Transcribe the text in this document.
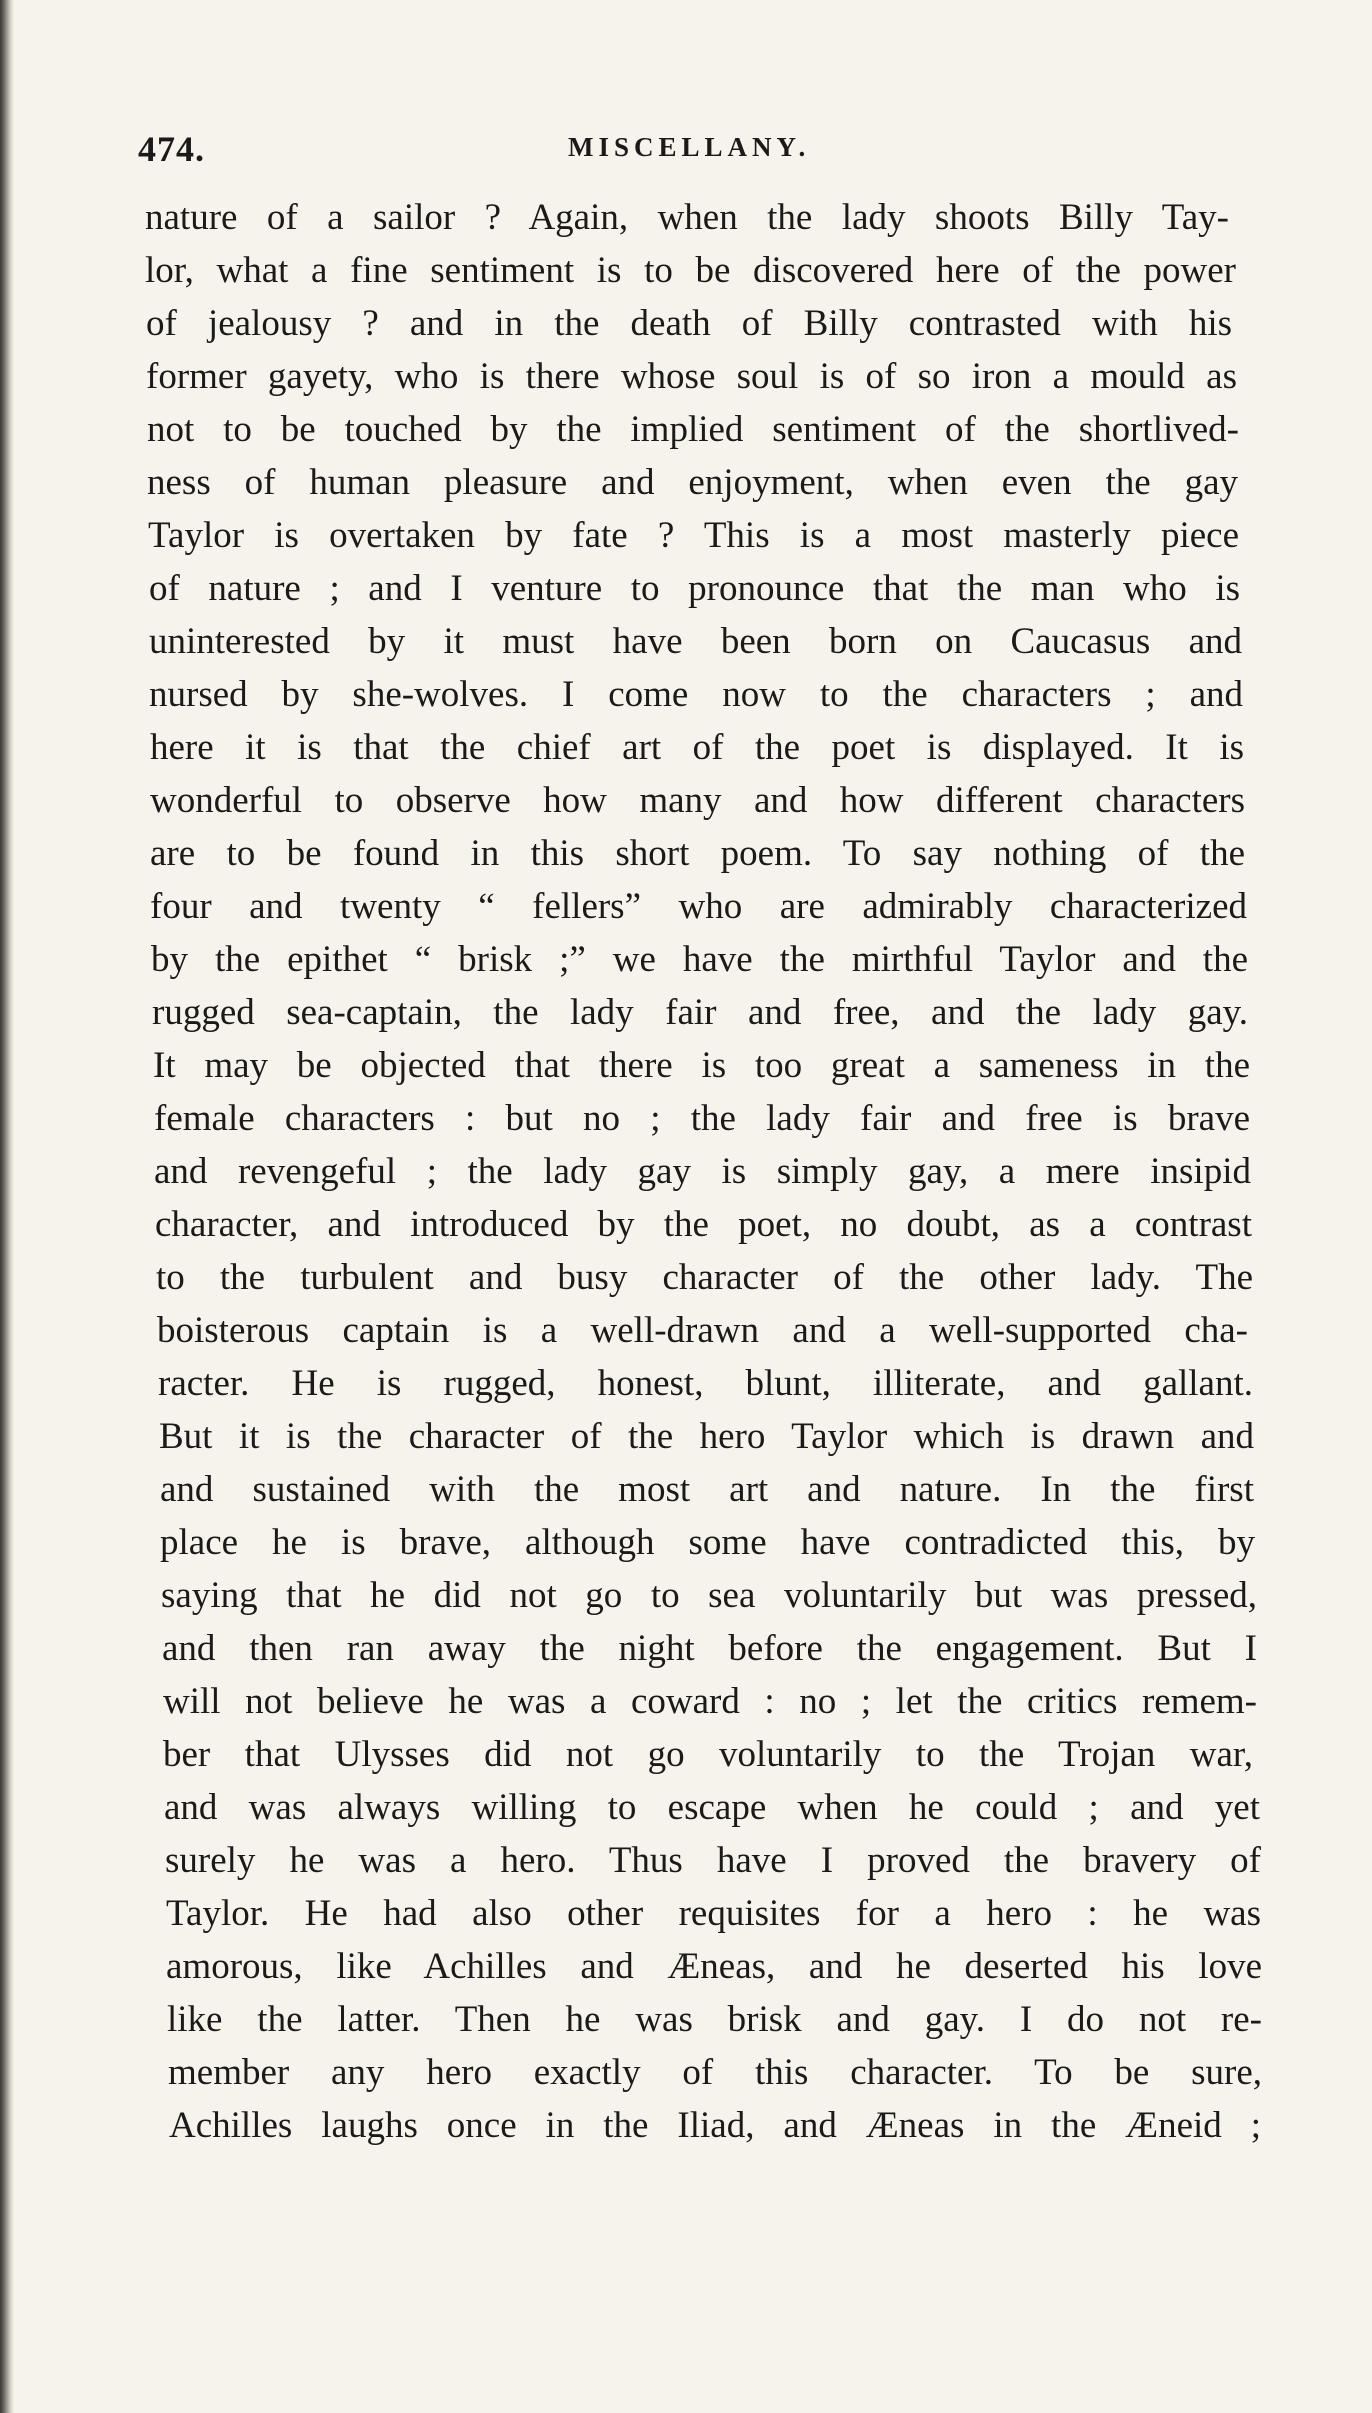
474.	MISCELLANY.
nature of a sailor ? Again, when the lady shoots Billy Tay-
lor, what a fine sentiment is to be discovered here of the power
of jealousy ? and in the death of Billy contrasted with his
former gayety, who is there whose soul is of so iron a mould as
not to be touched by the implied sentiment of the shortlived-
ness of human pleasure and enjoyment, when even the gay
Taylor is overtaken by fate ? This is a most masterly piece
of nature ; and I venture to pronounce that the man who is
uninterested by it must have been born on Caucasus and
nursed by she-wolves. I come now to the characters ; and
here it is that the chief art of the poet is displayed. It is
wonderful to observe how many and how different characters
are to be found in this short poem. To say nothing of the
four and twenty “ fellers” who are admirably characterized
by the epithet “ brisk ;” we have the mirthful Taylor and the
rugged sea-captain, the lady fair and free, and the lady gay.
It may be objected that there is too great a sameness in the
female characters : but no ; the lady fair and free is brave
and revengeful ; the lady gay is simply gay, a mere insipid
character, and introduced by the poet, no doubt, as a contrast
to the turbulent and busy character of the other lady. The
boisterous captain is a well-drawn and a well-supported cha-
racter. He is rugged, honest, blunt, illiterate, and gallant.
But it is the character of the hero Taylor which is drawn and
and sustained with the most art and nature. In the first
place he is brave, although some have contradicted this, by
saying that he did not go to sea voluntarily but was pressed,
and then ran away the night before the engagement. But I
will not believe he was a coward : no ; let the critics remem-
ber that Ulysses did not go voluntarily to the Trojan war,
and was always willing to escape when he could ; and yet
surely he was a hero. Thus have I proved the bravery of
Taylor. He had also other requisites for a hero : he was
amorous, like Achilles and Æneas, and he deserted his love
like the latter. Then he was brisk and gay. I do not re-
member any hero exactly of this character. To be sure,
Achilles laughs once in the Iliad, and Æneas in the Æneid ;
